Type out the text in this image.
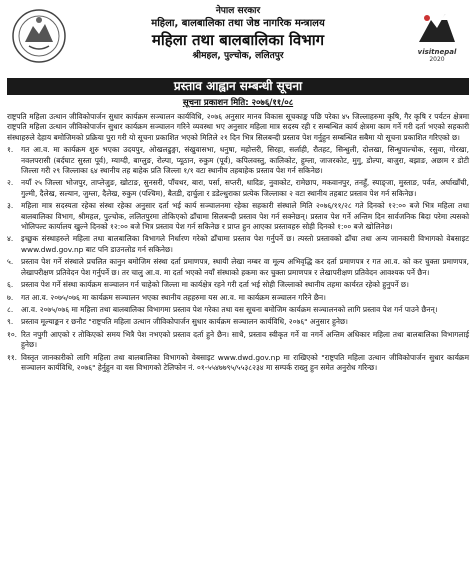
नेपाल सरकार
महिला, बालबालिका तथा जेष्ठ नागरिक मन्त्रालय
महिला तथा बालबालिका विभाग
श्रीमहल, पुल्चोक, ललितपुर	visitnepal
2020
प्रस्ताव आह्वान सम्बन्धी सूचना
सूचना प्रकाशन मिति: २०७६/११/०८
राष्ट्रपति महिला उत्थान जीविकोपार्जन सुधार कार्यक्रम सञ्चालन कार्यविधि, २०७६ अनुसार मानव विकास सूचकाङ्क पछि परेका ४५ जिल्लाहरुमा कृषि, गैर कृषि र पर्यटन क्षेत्रमा राष्ट्रपति महिला उत्थान जीविकोपार्जन सुधार कार्यक्रम सञ्चालन गरिने व्यवस्था भए अनुसार महिला मात्र सदस्य रही र सम्बन्धित कार्य क्षेत्रमा काम गर्ने गरी दर्ता भएको सहकारी संस्थाहरुले देहाय बमोजिमको प्रक्रिया पुरा गरी यो सूचना प्रकाशित भएको मितिले २१ दिन भित्र सिलबन्दी प्रस्ताव पेश गर्नुहुन सम्बन्धित सबैमा यो सूचना प्रकाशित गरिएको छ।
१.	गत आ.व. मा कार्यक्रम शुरु भएका उदयपुर, ओखलढुङ्गा, संखुवासभा, धनुषा, महोत्तरी, सिरहा, सर्लाही, रौतहट, सिन्धुली, दोलखा, सिन्धुपाल्चोक, रसुवा, गोरखा, नवलपरासी (बर्दघाट सुस्ता पूर्व), म्याग्दी, बाग्लुङ, रोल्पा, प्यूठान, रुकुम (पूर्व), कपिलवस्तु, कालिकोट, हुम्ला, जाजरकोट, मुगु, डोल्पा, बाजुरा, बझाङ, अछाम र डोटी जिल्ला गरी २९ जिल्लाका ६४ स्थानीय तह बाहेक प्रति जिल्ला १/१ वटा स्थानीय तहबाहेक प्रस्ताव पेश गर्न सकिनेछ।
२.	नयाँ २५ जिल्ला भोजपुर, ताप्लेजुङ, खोटाङ, सुनसरी, पाँचथर, बारा, पर्सा, सप्तरी, धादिङ, नुवाकोट, रामेछाप, मकवानपुर, तनहुँ, स्याङ्जा, मुस्ताङ, पर्वत, अर्घाखाँची, गुल्मी, दैलेख, सल्यान, जुम्ला, दैलेख, रुकुम (पश्चिम), बैतडी, दार्चुला र डडेल्धुराका प्रत्येक जिल्लाका २ वटा स्थानीय तहबाट प्रस्ताव पेश गर्न सकिनेछ।
३.	महिला मात्र सदस्यता रहेका संस्था रहेका अनुसार दर्ता भई कार्य सञ्चालनमा रहेका सहकारी संस्थाले मिति २०७६/११/२८ गते दिनको १२:०० बजे भित्र महिला तथा बालबालिका विभाग, श्रीमहल, पुल्चोक, ललितपुरमा तोकिएको ढाँचामा सिलबन्दी प्रस्ताव पेश गर्न सक्नेछन्। प्रस्ताव पेश गर्ने अन्तिम दिन सार्वजनिक बिदा परेमा त्यसको भोलिपल्ट कार्यालय खुल्ने दिनको १२:०० बजे भित्र प्रस्ताव पेश गर्न सकिनेछ र प्राप्त हुन आएका प्रस्तावहरु सोही दिनको १:०० बजे खोलिनेछ।
४.	इच्छुक संस्थाहरुले महिला तथा बालबालिका विभागले निर्धारण गरेको ढाँचामा प्रस्ताव पेश गर्नुपर्ने छ। त्यस्तो प्रस्तावको ढाँचा तथा अन्य जानकारी विभागको वेबसाइट www.dwd.gov.np बाट पनि डाउनलोड गर्न सकिनेछ।
५.	प्रस्ताव पेश गर्ने संस्थाले प्रचलित कानुन बमोजिम संस्था दर्ता प्रमाणपत्र, स्थायी लेखा नम्बर वा मूल्य अभिवृद्धि कर दर्ता प्रमाणपत्र र गत आ.व. को कर चुक्ता प्रमाणपत्र, लेखापरीक्षण प्रतिवेदन पेश गर्नुपर्ने छ। तर चालु आ.व. मा दर्ता भएको नयाँ संस्थाको हकमा कर चुक्ता प्रमाणपत्र र लेखापरीक्षण प्रतिवेदन आवश्यक पर्ने छैन।
६.	प्रस्ताव पेश गर्ने संस्था कार्यक्रम सञ्चालन गर्न चाहेको जिल्ला मा कार्यक्षेत्र रहने गरी दर्ता भई सोही जिल्लाको स्थानीय तहमा कार्यरत रहेको हुनुपर्ने छ।
७.	गत आ.व. २०७५/०७६ मा कार्यक्रम सञ्चालन भएका स्थानीय तहहरुमा यस आ.व. मा कार्यक्रम सञ्चालन गरिने छैन।
८.	आ.व. २०७५/०७६ मा महिला तथा बालबालिका विभागमा प्रस्ताव पेश गरेका तथा यस सूचना बमोजिम कार्यक्रम सञ्चालनको लागि प्रस्ताव पेश गर्न पाउने छैनन्।
९.	प्रस्ताव मूल्याङ्कन र छनौट "राष्ट्रपति महिला उत्थान जीविकोपार्जन सुधार कार्यक्रम सञ्चालन कार्यविधि, २०७६" अनुसार हुनेछ।
१०. रित नपुगी आएको र तोकिएको समय भित्रै पेश नभएको प्रस्ताव दर्ता हुने छैन। साथै, प्रस्ताव स्वीकृत गर्ने वा नगर्ने अन्तिम अधिकार महिला तथा बालबालिका विभागलाई हुनेछ।
११. विस्तृत जानकारीको लागि महिला तथा बालबालिका विभागको वेबसाइट www.dwd.gov.np मा राखिएको "राष्ट्रपति महिला उत्थान जीविकोपार्जन सुधार कार्यक्रम सञ्चालन कार्यविधि, २०७६" हेर्नुहुन वा यस विभागको टेलिफोन नं. ०१-५५४७७९५/५५३८२३४ मा सम्पर्क राख्नु हुन समेत अनुरोध गरिन्छ।
